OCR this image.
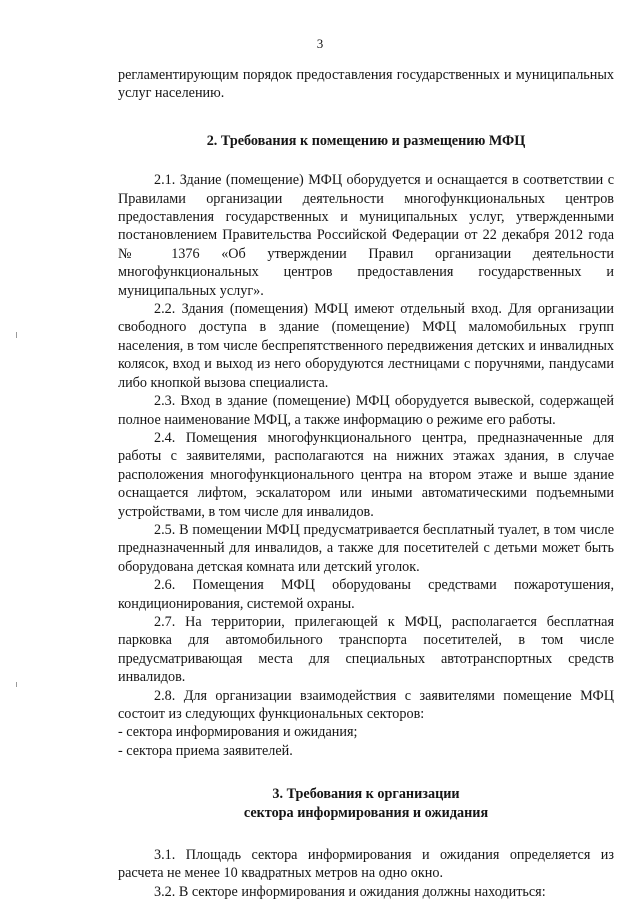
3

регламентирующим порядок предоставления государственных и муниципальных услуг населению.

2. Требования к помещению и размещению МФЦ

2.1. Здание (помещение) МФЦ оборудуется и оснащается в соответствии с Правилами организации деятельности многофункциональных центров предоставления государственных и муниципальных услуг, утвержденными постановлением Правительства Российской Федерации от 22 декабря 2012 года № 1376 «Об утверждении Правил организации деятельности многофункциональных центров предоставления государственных и муниципальных услуг».

2.2. Здания (помещения) МФЦ имеют отдельный вход. Для организации свободного доступа в здание (помещение) МФЦ маломобильных групп населения, в том числе беспрепятственного передвижения детских и инвалидных колясок, вход и выход из него оборудуются лестницами с поручнями, пандусами либо кнопкой вызова специалиста.

2.3. Вход в здание (помещение) МФЦ оборудуется вывеской, содержащей полное наименование МФЦ, а также информацию о режиме его работы.

2.4. Помещения многофункционального центра, предназначенные для работы с заявителями, располагаются на нижних этажах здания, в случае расположения многофункционального центра на втором этаже и выше здание оснащается лифтом, эскалатором или иными автоматическими подъемными устройствами, в том числе для инвалидов.

2.5. В помещении МФЦ предусматривается бесплатный туалет, в том числе предназначенный для инвалидов, а также для посетителей с детьми может быть оборудована детская комната или детский уголок.

2.6. Помещения МФЦ оборудованы средствами пожаротушения, кондиционирования, системой охраны.

2.7. На территории, прилегающей к МФЦ, располагается бесплатная парковка для автомобильного транспорта посетителей, в том числе предусматривающая места для специальных автотранспортных средств инвалидов.

2.8. Для организации взаимодействия с заявителями помещение МФЦ состоит из следующих функциональных секторов:

- сектора информирования и ожидания;

- сектора приема заявителей.

3. Требования к организации

сектора информирования и ожидания

3.1. Площадь сектора информирования и ожидания определяется из расчета не менее 10 квадратных метров на одно окно.

3.2. В секторе информирования и ожидания должны находиться:
